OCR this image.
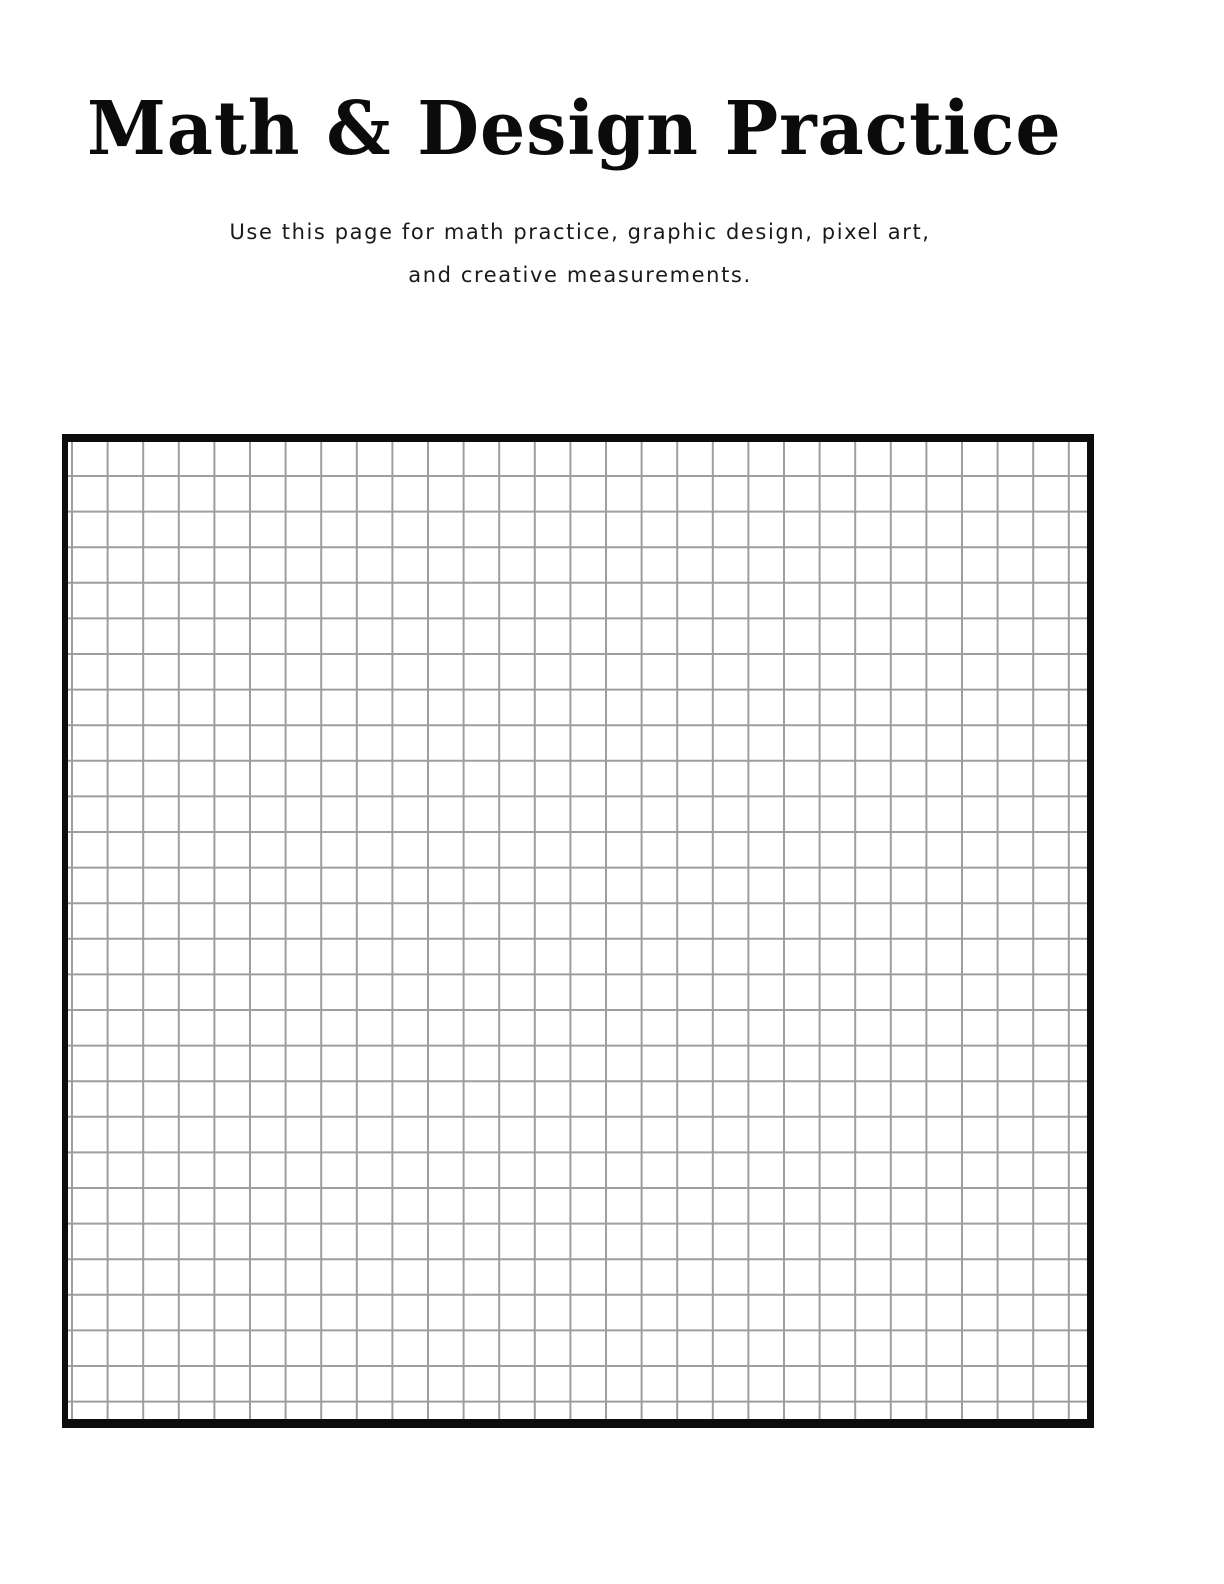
Math & Design Practice

Use this page for math practice, graphic design, pixel art,

and creative measurements.
